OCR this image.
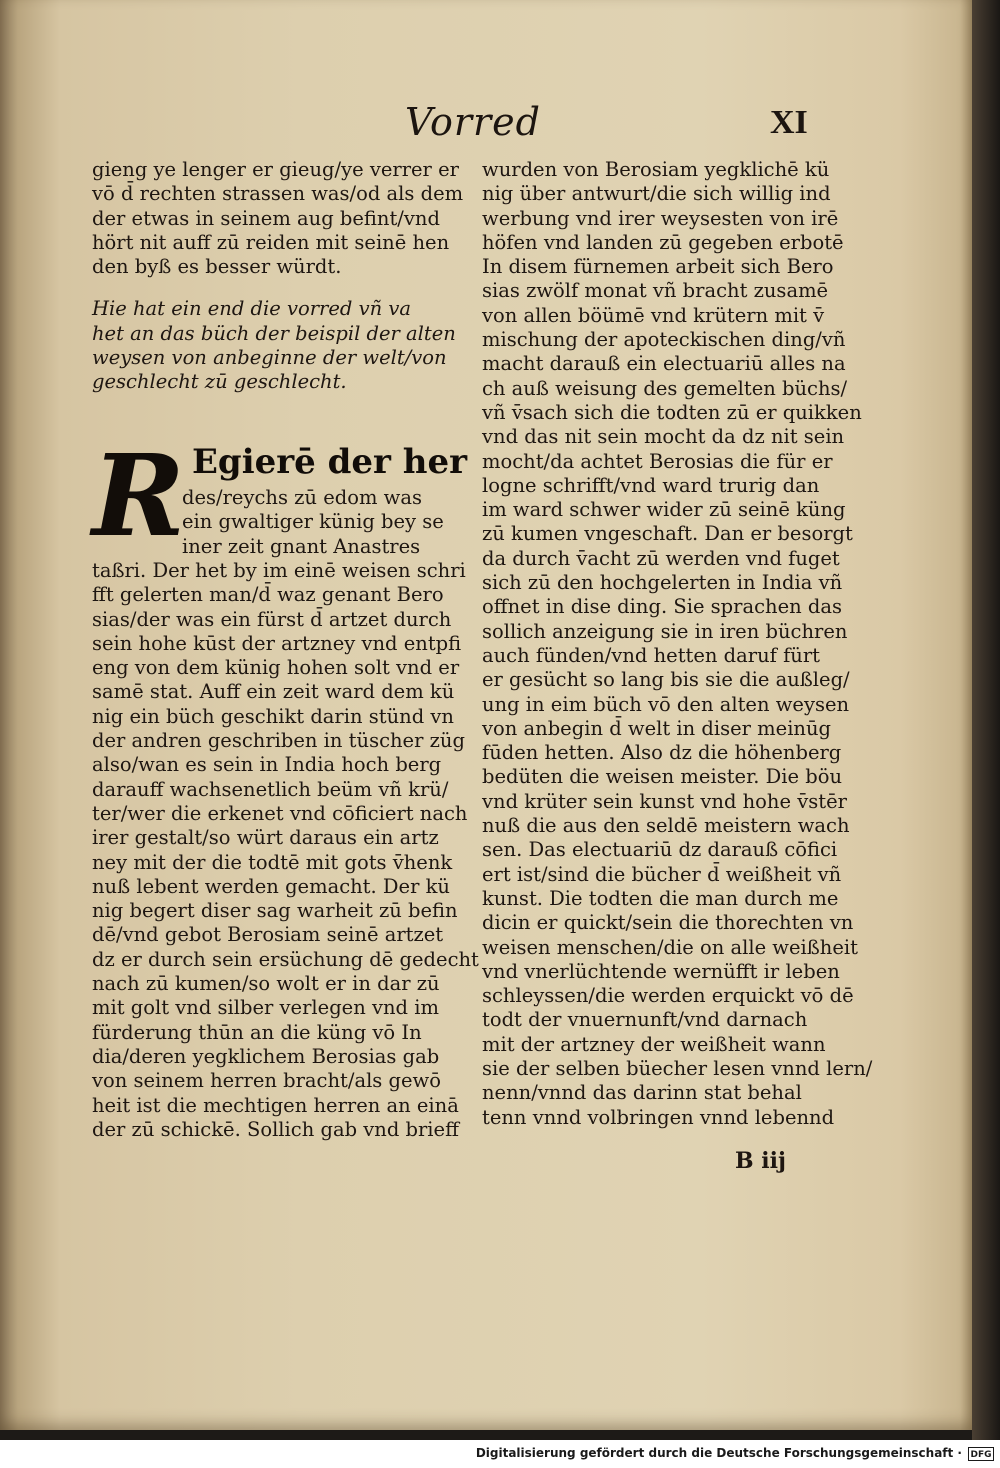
Vorred	XI
gieng ye lenger er gieug/ye verrer er
vō d̄ rechten strassen was/od als dem
der etwas in seinem aug befint/vnd
hört nit auff zū reiden mit seinē hen
den byß es besser würdt.
Hie hat ein end die vorred vñ va
het an das büch der beispil der alten
weysen von anbeginne der welt/von
geschlecht zū geschlecht.
R Egierē der her
des/reychs zū edom was
ein gwaltiger künig bey se
iner zeit gnant Anastres
taßri. Der het by im einē weisen schri
fft gelerten man/d̄ waz genant Bero
sias/der was ein fürst d̄ artzet durch
sein hohe kūst der artzney vnd entpfi
eng von dem künig hohen solt vnd er
samē stat. Auff ein zeit ward dem kü
nig ein büch geschikt darin stünd vn
der andren geschriben in tüscher züg
also/wan es sein in India hoch berg
darauff wachsenetlich beüm vñ krü/
ter/wer die erkenet vnd cōficiert nach
irer gestalt/so würt daraus ein artz
ney mit der die todtē mit gots v̄henk
nuß lebent werden gemacht. Der kü
nig begert diser sag warheit zū befin
dē/vnd gebot Berosiam seinē artzet
dz er durch sein ersüchung dē gedecht
nach zū kumen/so wolt er in dar zū
mit golt vnd silber verlegen vnd im
fürderung thūn an die küng vō In
dia/deren yegklichem Berosias gab
von seinem herren bracht/als gewō
heit ist die mechtigen herren an einā
der zū schickē. Sollich gab vnd brieff
wurden von Berosiam yegklichē kü
nig über antwurt/die sich willig ind
werbung vnd irer weysesten von irē
höfen vnd landen zū gegeben erbotē
In disem fürnemen arbeit sich Bero
sias zwölf monat vñ bracht zusamē
von allen böümē vnd krütern mit v̄
mischung der apoteckischen ding/vñ
macht darauß ein electuariū alles na
ch auß weisung des gemelten büchs/
vñ v̄sach sich die todten zū er quikken
vnd das nit sein mocht da dz nit sein
mocht/da achtet Berosias die für er
logne schrifft/vnd ward trurig dan
im ward schwer wider zū seinē küng
zū kumen vngeschaft. Dan er besorgt
da durch v̄acht zū werden vnd fuget
sich zū den hochgelerten in India vñ
offnet in dise ding. Sie sprachen das
sollich anzeigung sie in iren büchren
auch fünden/vnd hetten daruf fürt
er gesücht so lang bis sie die außleg/
ung in eim büch vō den alten weysen
von anbegin d̄ welt in diser meinūg
fūden hetten. Also dz die höhenberg
bedüten die weisen meister. Die böu
vnd krüter sein kunst vnd hohe v̄stēr
nuß die aus den seldē meistern wach
sen. Das electuariū dz darauß cōfici
ert ist/sind die bücher d̄ weißheit vñ
kunst. Die todten die man durch me
dicin er quickt/sein die thorechten vn
weisen menschen/die on alle weißheit
vnd vnerlüchtende wernüfft ir leben
schleyssen/die werden erquickt vō dē
todt der vnuernunft/vnd darnach
mit der artzney der weißheit wann
sie der selben büecher lesen vnnd lern/
nenn/vnnd das darinn stat behal
tenn vnnd volbringen vnnd lebennd
B iij
Digitalisierung gefördert durch die Deutsche Forschungsgemeinschaft · DFG
